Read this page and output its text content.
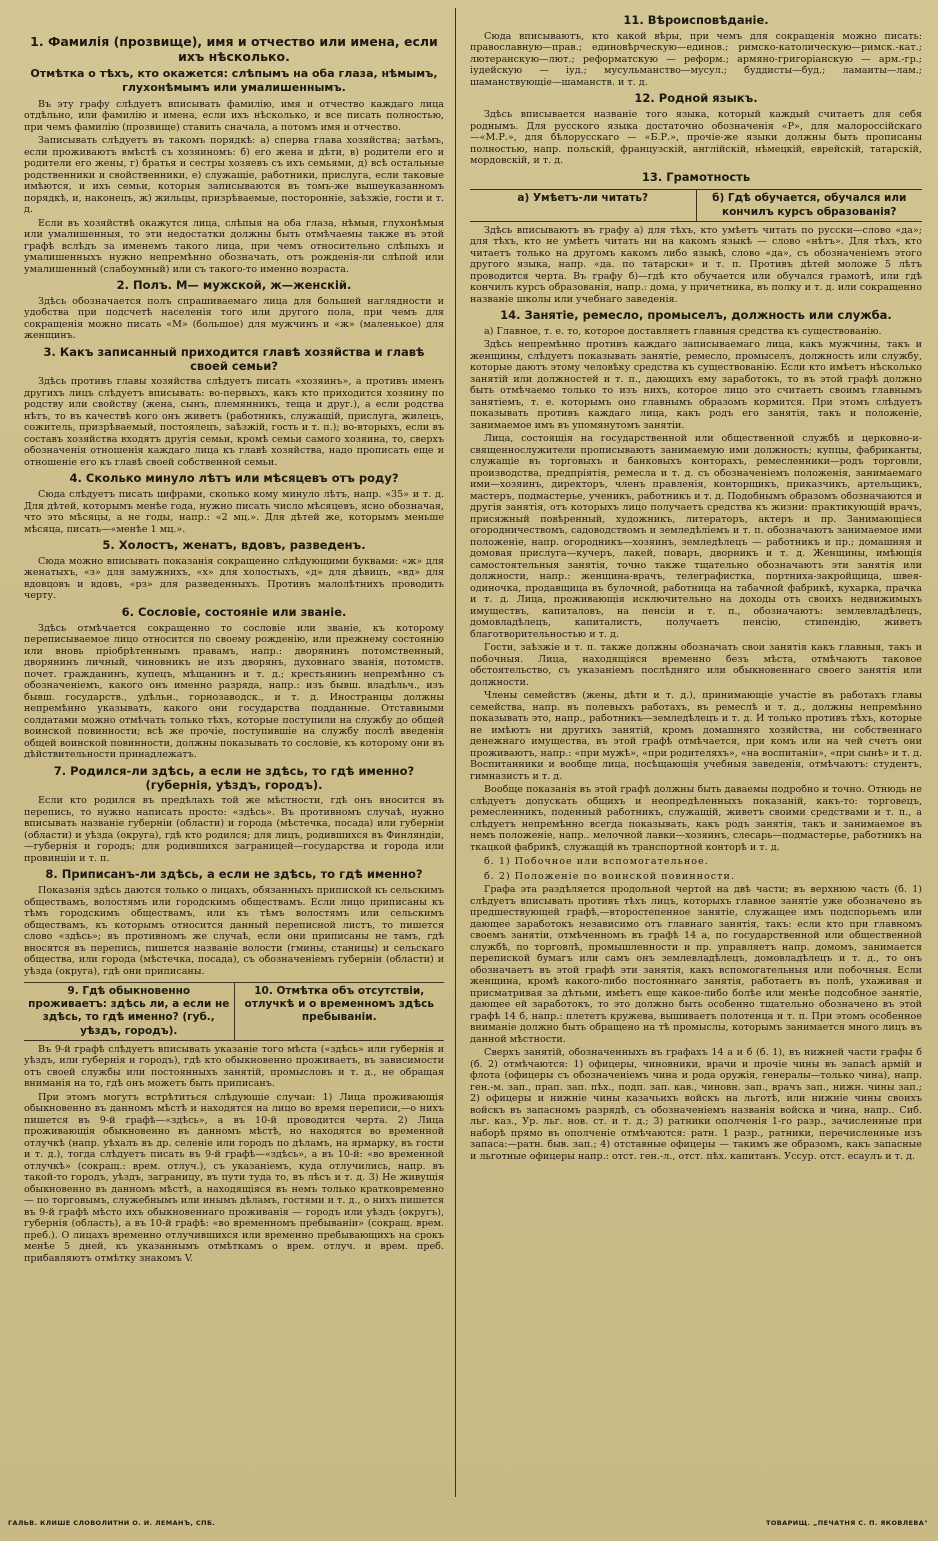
1. Фамилія (прозвище), имя и отчество или имена, если ихъ нѣсколько.
Отмѣтка о тѣхъ, кто окажется: слѣпымъ на оба глаза, нѣмымъ, глухонѣмымъ или умалишеннымъ.

Въ эту графу слѣдуетъ вписывать фамилію, имя и отчество каждаго лица отдѣльно, или фамилію и имена, если ихъ нѣсколько, и все писать полностью, при чемъ фамилію (прозвище) ставить сначала, а потомъ имя и отчество.

Записывать слѣдуетъ въ такомъ порядкѣ: а) сперва глава хозяйства; затѣмъ, если проживаютъ вмѣстѣ съ хозяиномъ: б) его жена и дѣти, в) родители его и родители его жены, г) братья и сестры хозяевъ съ ихъ семьями, д) всѣ остальные родственники и свойственники, е) служащіе, работники, прислуга, если таковые имѣются, и ихъ семьи, которыя записываются въ томъ-же вышеуказанномъ порядкѣ, и, наконецъ, ж) жильцы, призрѣваемые, посторонніе, заѣзжіе, гости и т. д.

Если въ хозяйствѣ окажутся лица, слѣпыя на оба глаза, нѣмыя, глухонѣмыя или умалишенныя, то эти недостатки должны быть отмѣчаемы также въ этой графѣ вслѣдъ за именемъ такого лица, при чемъ относительно слѣпыхъ и умалишенныхъ нужно непремѣнно обозначать, отъ рожденія-ли слѣпой или умалишенный (слабоумный) или съ такого-то именно возраста.

2. Полъ. М— мужской, ж—женскій.

Здѣсь обозначается полъ спрашиваемаго лица для большей наглядности и удобства при подсчетѣ населенія того или другого пола, при чемъ для сокращенія можно писать «М» (большое) для мужчинъ и «ж» (маленькое) для женщинъ.

3. Какъ записанный приходится главѣ хозяйства и главѣ своей семьи?

Здѣсь противъ главы хозяйства слѣдуетъ писать «хозяинъ», а противъ именъ другихъ лицъ слѣдуетъ вписывать: во-первыхъ, какъ кто приходится хозяину по родству или свойству (жена, сынъ, племянникъ, теща и друг.), а если родства нѣтъ, то въ качествѣ кого онъ живетъ (работникъ, служащій, прислуга, жилецъ, сожитель, призрѣваемый, постоялецъ, заѣзжій, гость и т. п.); во-вторыхъ, если въ составъ хозяйства входятъ другія семьи, кромѣ семьи самого хозяина, то, сверхъ обозначенія отношенія каждаго лица къ главѣ хозяйства, надо прописать еще и отношеніе его къ главѣ своей собственной семьи.

4. Сколько минуло лѣтъ или мѣсяцевъ отъ роду?

Сюда слѣдуетъ писать цифрами, сколько кому минуло лѣтъ, напр. «35» и т. д. Для дѣтей, которымъ менѣе года, нужно писать число мѣсяцевъ, ясно обозначая, что это мѣсяцы, а не годы, напр.: «2 мц.». Для дѣтей же, которымъ меньше мѣсяца, писать—«менѣе 1 мц.».

5. Холостъ, женатъ, вдовъ, разведенъ.

Сюда можно вписывать показанія сокращенно слѣдующими буквами: «ж» для женатыхъ, «з» для замужнихъ, «х» для холостыхъ, «д» для дѣвицъ, «вд» для вдовцовъ и вдовъ, «рз» для разведенныхъ. Противъ малолѣтнихъ проводить черту.

6. Сословіе, состояніе или званіе.

Здѣсь отмѣчается сокращенно то сословіе или званіе, къ которому переписываемое лицо относится по своему рожденію, или прежнему состоянію или вновь пріобрѣтеннымъ правамъ, напр.: дворянинъ потомственный, дворянинъ личный, чиновникъ не изъ дворянъ, духовнаго званія, потомств. почет. гражданинъ, купецъ, мѣщанинъ и т. д.; крестьянинъ непремѣнно съ обозначеніемъ, какого онъ именно разряда, напр.: изъ бывш. владѣльч., изъ бывш. государств., удѣльн., горнозаводск., и т. д. Иностранцы должны непремѣнно указывать, какого они государства подданные. Отставными солдатами можно отмѣчать только тѣхъ, которые поступили на службу до общей воинской повинности; всѣ же прочіе, поступившіе на службу послѣ введенія общей воинской повинности, должны показывать то сословіе, къ которому они въ дѣйствительности принадлежатъ.

7. Родился-ли здѣсь, а если не здѣсь, то гдѣ именно? (губернія, уѣздъ, городъ).

Если кто родился въ предѣлахъ той же мѣстности, гдѣ онъ вносится въ перепись, то нужно написать просто: «здѣсь». Въ противномъ случаѣ, нужно вписывать названіе губерніи (области) и города (мѣстечка, посада) или губерніи (области) и уѣзда (округа), гдѣ кто родился; для лицъ, родившихся въ Финляндіи,—губернія и городъ; для родившихся заграницей—государства и города или провинціи и т. п.

8. Приписанъ-ли здѣсь, а если не здѣсь, то гдѣ именно?

Показанія здѣсь даются только о лицахъ, обязанныхъ припиской къ сельскимъ обществамъ, волостямъ или городскимъ обществамъ. Если лицо приписаны къ тѣмъ городскимъ обществамъ, или къ тѣмъ волостямъ или сельскимъ обществамъ, къ которымъ относится данный переписной листъ, то пишется слово «здѣсь»; въ противномъ же случаѣ, если они приписаны не тамъ, гдѣ вносятся въ перепись, пишется названіе волости (гмины, станицы) и сельскаго общества, или города (мѣстечка, посада), съ обозначеніемъ губерніи (области) и уѣзда (округа), гдѣ они приписаны.

9. Гдѣ обыкновенно проживаетъ: здѣсь ли, а если не здѣсь, то гдѣ именно? (губ., уѣздъ, городъ).
10. Отмѣтка объ отсутствіи, отлучкѣ и о временномъ здѣсь пребываніи.

Въ 9-й графѣ слѣдуетъ вписывать указаніе того мѣста («здѣсь» или губернія и уѣздъ, или губернія и городъ), гдѣ кто обыкновенно проживаетъ, въ зависимости отъ своей службы или постоянныхъ занятій, промысловъ и т. д., не обращая вниманія на то, гдѣ онъ можетъ быть приписанъ.

При этомъ могутъ встрѣтиться слѣдующіе случаи: 1) Лица проживающія обыкновенно въ данномъ мѣстѣ и находятся на лицо во время переписи,—о нихъ пишется въ 9-й графѣ—«здѣсь», а въ 10-й проводится черта. 2) Лица проживающія обыкновенно въ данномъ мѣстѣ, но находятся во временной отлучкѣ (напр. уѣхалъ въ др. селеніе или городъ по дѣламъ, на ярмарку, въ гости и т. д.), тогда слѣдуетъ писать въ 9-й графѣ—«здѣсь», а въ 10-й: «во временной отлучкѣ» (сокращ.: врем. отлуч.), съ указаніемъ, куда отлучились, напр. въ такой-то городъ, уѣздъ, заграницу, въ пути тудa то, въ лѣсъ и т. д. 3) Не живущія обыкновенно въ данномъ мѣстѣ, а находящіяся въ немъ только кратковременно — по торговымъ, служебнымъ или инымъ дѣламъ, гостями и т. д., о нихъ пишется въ 9-й графѣ мѣсто ихъ обыкновеннаго проживанія — городъ или уѣздъ (округъ), губернія (область), а въ 10-й графѣ: «во временномъ пребываніи» (сокращ. врем. преб.). О лицахъ временно отлучившихся или временно пребывающихъ на срокъ менѣе 5 дней, къ указаннымъ отмѣткамъ о врем. отлуч. и врем. преб. прибавляютъ отмѣтку знакомъ V.

11. Вѣроисповѣданіе.

Сюда вписываютъ, кто какой вѣры, при чемъ для сокращенія можно писать: православную—прав.; единовѣрческую—единов.; римско-католическую—римск.-кат.; лютеранскую—лют.; реформатскую — реформ.; армяно-григоріанскую — арм.-гр.; іудейскую — іуд.; мусульманство—мусул.; буддисты—буд.; ламаиты—лам.; шаманствующіе—шаманств. и т. д.

12. Родной языкъ.

Здѣсь вписывается названіе того языка, который каждый считаетъ для себя роднымъ. Для русского языка достаточно обозначенія «Р», для малороссійскаго—«М.Р.», для бѣлорусскаго — «Б.Р.», прочіе-же языки должны быть прописаны полностью, напр. польскій, французскій, англійскій, нѣмецкій, еврейскій, татарскій, мордовскій, и т. д.

13. Грамотность
а) Умѣетъ-ли читать?	б) Гдѣ обучается, обучался или кончилъ курсъ образованія?

Здѣсь вписываютъ въ графу а) для тѣхъ, кто умѣетъ читать по русски—слово «да»; для тѣхъ, кто не умѣетъ читать ни на какомъ языкѣ — слово «нѣтъ». Для тѣхъ, кто читаетъ только на другомъ какомъ либо языкѣ, слово «да», съ обозначеніемъ этого другого языка, напр. «да. по татарски» и т. п. Противъ дѣтей моложе 5 лѣтъ проводится черта. Въ графу б)—гдѣ кто обучается или обучался грамотѣ, или гдѣ кончилъ курсъ образованія, напр.: дома, у причетника, въ полку и т. д. или сокращенно названіе школы или учебнаго заведенія.

14. Занятіе, ремесло, промыселъ, должность или служба.

а) Главное, т. е. то, которое доставляетъ главныя средства къ существованію.

Здѣсь непремѣнно противъ каждаго записываемаго лица, какъ мужчины, такъ и женщины, слѣдуетъ показывать занятіе, ремесло, промыселъ, должность или службу, которые даютъ этому человѣку средства къ существованію. Если кто имѣетъ нѣсколько занятій или должностей и т. п., дающихъ ему заработокъ, то въ этой графѣ должно быть отмѣчаемо только то изъ нихъ, которое лицо это считаетъ своимъ главнымъ занятіемъ, т. е. которымъ оно главнымъ образомъ кормится. При этомъ слѣдуетъ показывать противъ каждаго лица, какъ родъ его занятія, такъ и положеніе, занимаемое имъ въ упомянутомъ занятіи.

Лица, состоящія на государственной или общественной службѣ и церковно-и-священнослужители прописываютъ занимаемую ими должность; купцы, фабриканты, служащіе въ торговыхъ и банковыхъ конторахъ, ремесленники—родъ торговли, производства, предпріятія, ремесла и т. д. съ обозначеніемъ положенія, занимаемаго ими—хозяинъ, директоръ, членъ правленія, конторщикъ, приказчикъ, артельщикъ, мастеръ, подмастерье, ученикъ, работникъ и т. д. Подобнымъ образомъ обозначаются и другія занятія, отъ которыхъ лицо получаетъ средства къ жизни: практикующій врачъ, присяжный повѣренный, художникъ, литераторъ, актеръ и пр. Занимающіеся огородничествомъ, садоводствомъ и земледѣліемъ и т. п. обозначаютъ занимаемое ими положеніе, напр. огородникъ—хозяинъ, земледѣлецъ — работникъ и пр.; домашняя и домовая прислуга—кучеръ, лакей, поваръ, дворникъ и т. д. Женщины, имѣющія самостоятельныя занятія, точно также тщательно обозначаютъ эти занятія или должности, напр.: женщина-врачъ, телеграфистка, портниха-закройщица, швея-одиночка, продавщица въ булочной, работница на табачной фабрикѣ, кухарка, прачка и т. д. Лица, проживающія исключительно на доходы отъ своихъ недвижимыхъ имуществъ, капиталовъ, на пенсіи и т. п., обозначаютъ: землевладѣлецъ, домовладѣлецъ, капиталистъ, получаетъ пенсію, стипендію, живетъ благотворительностью и т. д.

Гости, заѣзжіе и т. п. также должны обозначать свои занятія какъ главныя, такъ и побочныя. Лица, находящіяся временно безъ мѣста, отмѣчаютъ таковое обстоятельство, съ указаніемъ послѣдняго или обыкновеннаго своего занятія или должности.

Члены семействъ (жены, дѣти и т. д.), принимающіе участіе въ работахъ главы семейства, напр. въ полевыхъ работахъ, въ ремеслѣ и т. д., должны непремѣнно показывать это, напр., работникъ—земледѣлецъ и т. д. И только противъ тѣхъ, которые не имѣютъ ни другихъ занятій, кромъ домашняго хозяйства, ни собственнаго денежнаго имущества, въ этой графѣ отмѣчается, при комъ или на чей счетъ они проживаютъ, напр.: «при мужѣ», «при родителяхъ», «на воспитаніи», «при сынѣ» и т. д. Воспитанники и вообще лица, посѣщающія учебныя заведенія, отмѣчаютъ: студентъ, гимназистъ и т. д.

Вообще показанія въ этой графѣ должны быть даваемы подробно и точно. Отнюдь не слѣдуетъ допускать общихъ и неопредѣленныхъ показаній, какъ-то: торговецъ, ремесленникъ, поденный работникъ, служащій, живетъ своими средствами и т. п., а слѣдуетъ непремѣнно всегда показывать, какъ родъ занятія, такъ и занимаемое въ немъ положеніе, напр.. мелочной лавки—хозяинъ, слесарь—подмастерье, работникъ на ткацкой фабрикѣ, служащій въ транспортной конторѣ и т. д.

б. 1) Побочное или вспомогательное.
б. 2) Положеніе по воинской повинности.

Графа эта раздѣляется продольной чертой на двѣ части; въ верхнюю часть (б. 1) слѣдуетъ вписывать противъ тѣхъ лицъ, которыхъ главное занятіе уже обозначено въ предшествующей графѣ,—второстепенное занятіе, служащее имъ подспорьемъ или дающее заработокъ независимо отъ главнаго занятія, такъ: если кто при главномъ своемъ занятіи, отмѣченномъ въ графѣ 14 а, по государственной или общественной службѣ, по торговлѣ, промышленности и пр. управляетъ напр. домомъ, занимается перепиской бумагъ или самъ онъ землевладѣлецъ, домовладѣлецъ и т. д., то онъ обозначаетъ въ этой графѣ эти занятія, какъ вспомогательныя или побочныя. Если женщина, кромѣ какого-либо постояннаго занятія, работаетъ въ полѣ, ухаживая и присматривая за дѣтьми, имѣетъ еще какое-либо болѣе или менѣе подсобное занятіе, дающее ей заработокъ, то это должно быть особенно тщательно обозначено въ этой графѣ 14 б, напр.: плететъ кружева, вышиваетъ полотенца и т. п. При этомъ особенное вниманіе должно быть обращено на тѣ промыслы, которымъ занимается много лицъ въ данной мѣстности.

Сверхъ занятій, обозначенныхъ въ графахъ 14 а и б (б. 1), въ нижней части графы б (б. 2) отмѣчаются: 1) офицеры, чиновники, врачи и прочіе чины въ запасѣ армій и флота (офицеры съ обозначеніемъ чина и рода оружія, генералы—только чина), напр. ген.-м. зап., прап. зап. пѣх., подп. зап. кав., чиновн. зап., врачъ зап., нижн. чины зап.; 2) офицеры и нижніе чины казачьихъ войскъ на льготѣ, или нижніе чины своихъ войскъ въ запасномъ разрядѣ, съ обозначеніемъ названія войска и чина, напр.. Сиб. льг. каз., Ур. льг. нов. ст. и т. д.; 3) ратники ополченія 1-го разр., зачисленные при наборѣ прямо въ ополченіе отмѣчаются: ратн. 1 разр., ратники, перечисленные изъ запаса:—ратн. быв. зап.; 4) отставные офицеры — такимъ же образомъ, какъ запасные и льготные офицеры напр.: отст. ген.-л., отст. пѣх. капитанъ. Уссур. отст. есаулъ и т. д.

ГАЛЬВ. КЛИШЕ СЛОВОЛИТНИ О. И. ЛЕМАНЪ, СПБ.	ТОВАРИЩ. „ПЕЧАТНЯ С. П. ЯКОВЛЕВА"
